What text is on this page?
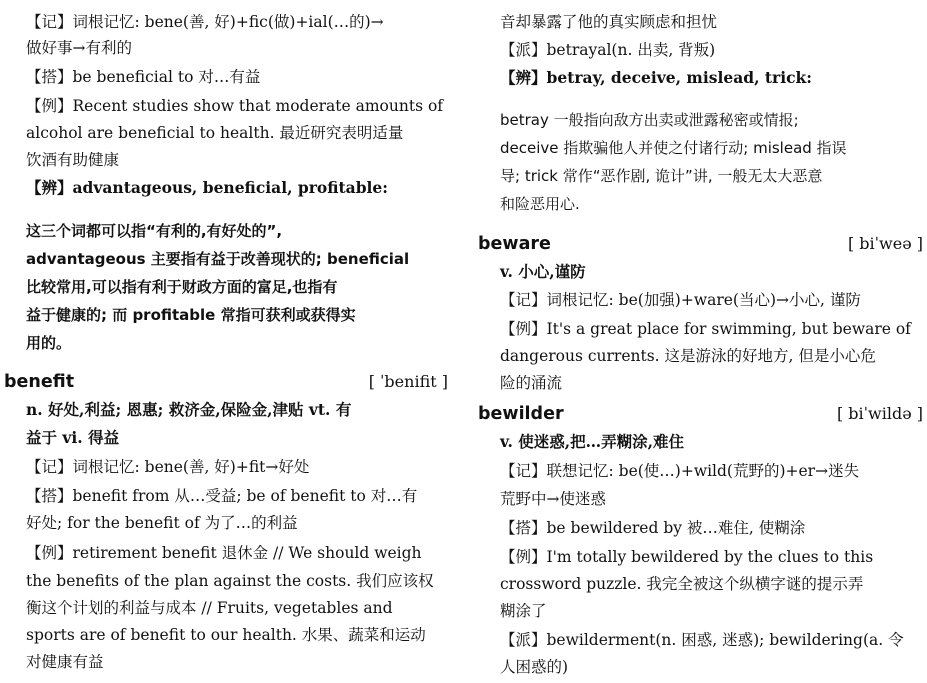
【记】词根记忆: bene(善, 好)+fic(做)+ial(…的)→
做好事→有利的
【搭】be beneficial to 对…有益
【例】Recent studies show that moderate amounts of
alcohol are beneficial to health. 最近研究表明适量
饮酒有助健康
【辨】advantageous, beneficial, profitable:
这三个词都可以指“有利的,有好处的”,
advantageous 主要指有益于改善现状的; beneficial
比较常用,可以指有利于财政方面的富足,也指有
益于健康的; 而 profitable 常指可获利或获得实
用的。
n. 好处,利益; 恩惠; 救济金,保险金,津贴 vt. 有
益于 vi. 得益
【记】词根记忆: bene(善, 好)+fit→好处
【搭】benefit from 从…受益; be of benefit to 对…有
好处; for the benefit of 为了…的利益
【例】retirement benefit 退休金 // We should weigh
the benefits of the plan against the costs. 我们应该权
衡这个计划的利益与成本 // Fruits, vegetables and
sports are of benefit to our health. 水果、蔬菜和运动
对健康有益
benefit	[ ˈbenifit ]
音却暴露了他的真实顾虑和担忧
【派】betrayal(n. 出卖, 背叛)
【辨】betray, deceive, mislead, trick:
betray 一般指向敌方出卖或泄露秘密或情报;
deceive 指欺骗他人并使之付诸行动; mislead 指误
导; trick 常作“恶作剧, 诡计”讲, 一般无太大恶意
和险恶用心.
v. 小心,谨防
【记】词根记忆: be(加强)+ware(当心)→小心, 谨防
【例】It's a great place for swimming, but beware of
dangerous currents. 这是游泳的好地方, 但是小心危
险的涌流
v. 使迷惑,把…弄糊涂,难住
【记】联想记忆: be(使…)+wild(荒野的)+er→迷失
荒野中→使迷惑
【搭】be bewildered by 被…难住, 使糊涂
【例】I'm totally bewildered by the clues to this
crossword puzzle. 我完全被这个纵横字谜的提示弄
糊涂了
【派】bewilderment(n. 困惑, 迷惑); bewildering(a. 令
人困惑的)
beware	[ biˈweə ]
bewilder	[ biˈwildə ]
